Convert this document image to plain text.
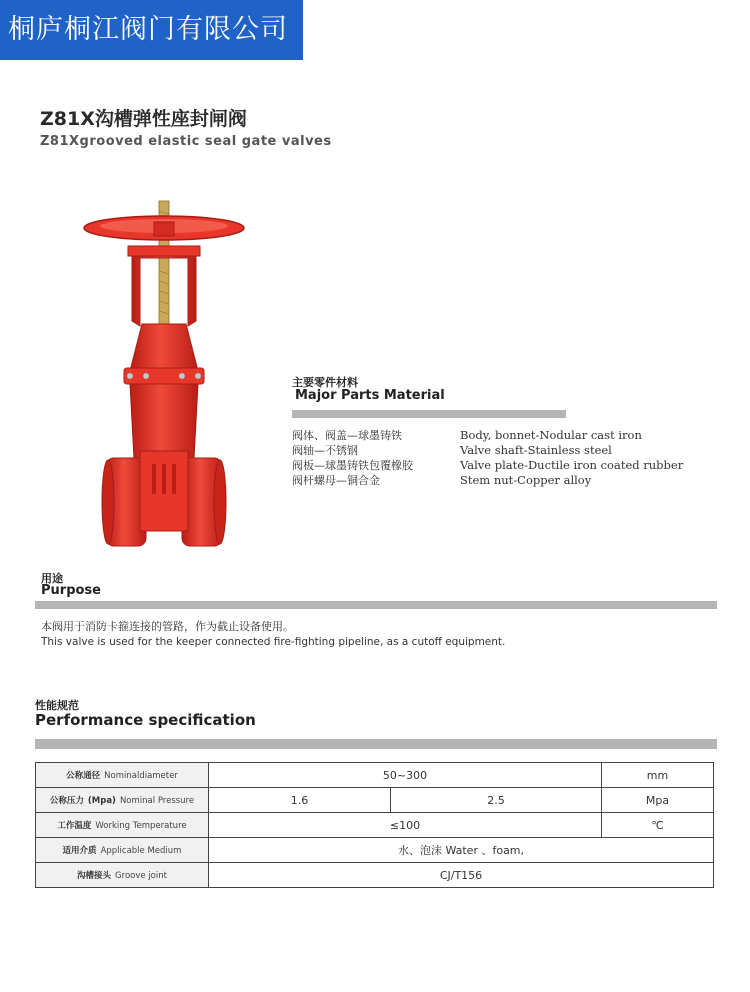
桐庐桐江阀门有限公司
Z81X沟槽弹性座封闸阀
Z81Xgrooved elastic seal gate valves
主要零件材料
Major Parts Material
阀体、阀盖—球墨铸铁	Body, bonnet-Nodular cast iron
阀轴—不锈钢	Valve shaft-Stainless steel
阀板—球墨铸铁包覆橡胶	Valve plate-Ductile iron coated rubber
阀杆螺母—铜合金	Stem nut-Copper alloy
用途
Purpose
本阀用于消防卡箍连接的管路，作为截止设备使用。
This valve is used for the keeper connected fire-fighting pipeline, as a cutoff equipment.
性能规范
Performance specification
公称通径 Nominaldiameter	50~300		mm
公称压力 (Mpa) Nominal Pressure	1.6	2.5	Mpa
工作温度 Working Temperature	≤100		℃
适用介质 Applicable Medium	水、泡沫 Water 、foam,		
沟槽接头 Groove joint	CJ/T156		
